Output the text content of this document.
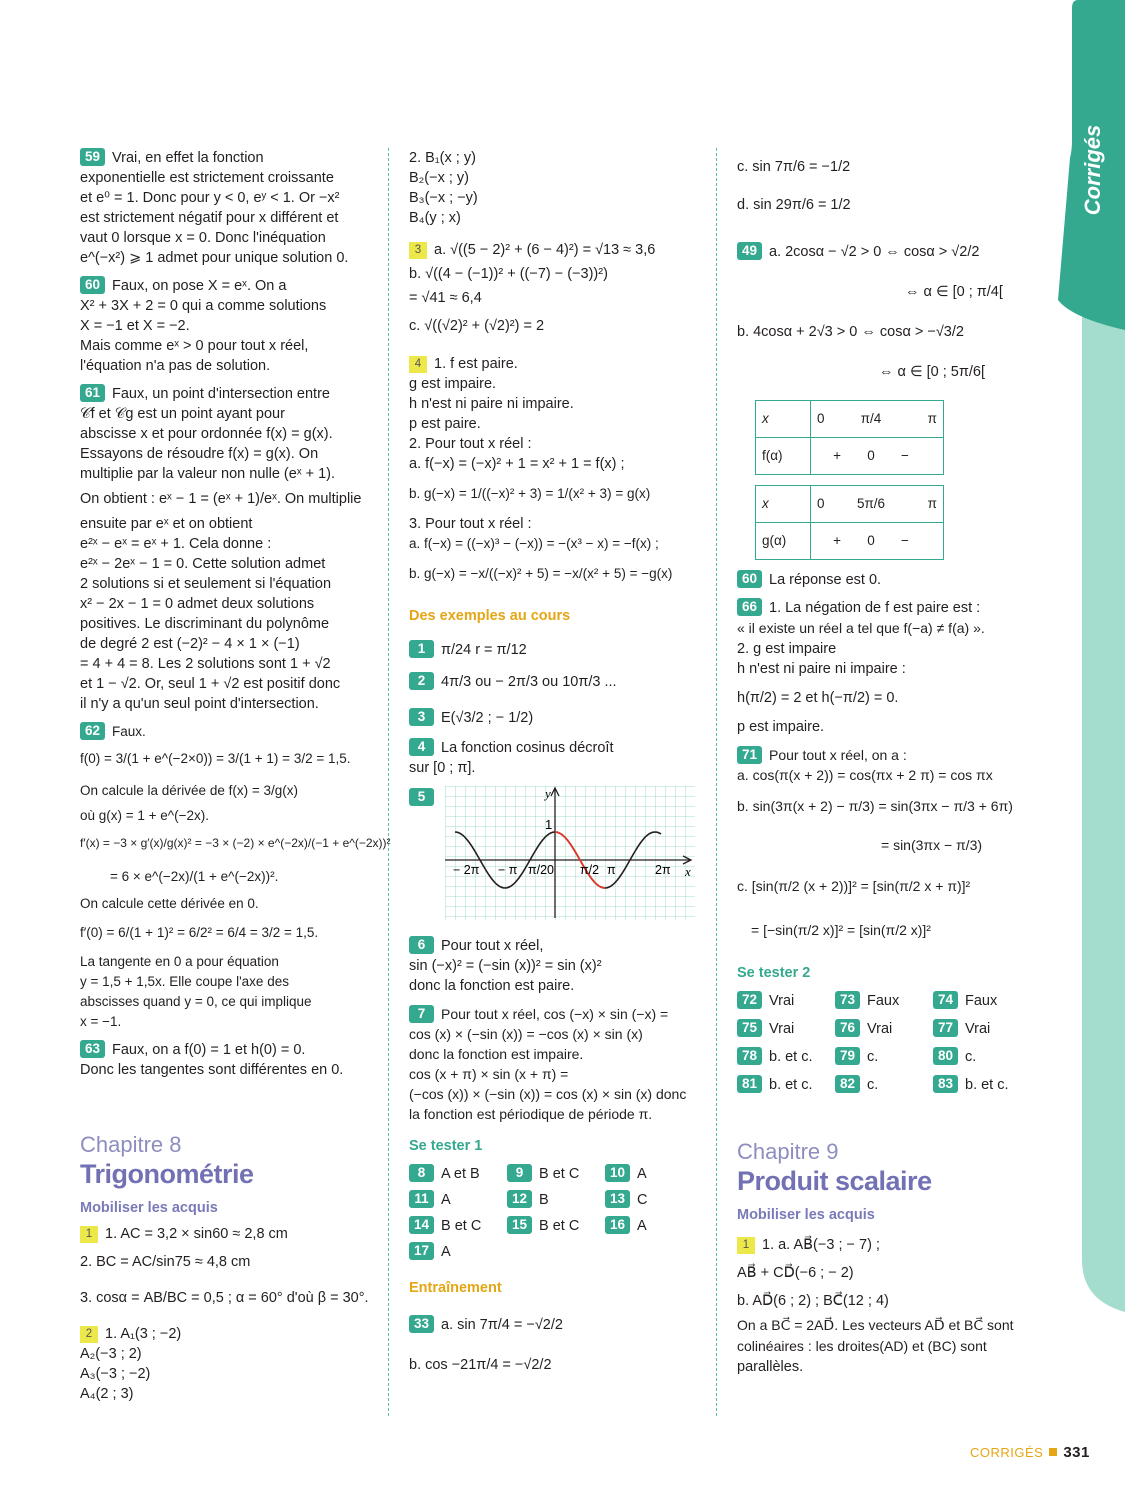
Corrigés
59 Vrai, en effet la fonction
exponentielle est strictement croissante
et e⁰ = 1. Donc pour y < 0, eʸ < 1. Or −x²
est strictement négatif pour x différent et
vaut 0 lorsque x = 0. Donc l'inéquation
e^(−x²) ⩾ 1 admet pour unique solution 0.
60 Faux, on pose X = eˣ. On a
X² + 3X + 2 = 0 qui a comme solutions
X = −1 et X = −2.
Mais comme eˣ > 0 pour tout x réel,
l'équation n'a pas de solution.
61 Faux, un point d'intersection entre
𝒞f et 𝒞g est un point ayant pour
abscisse x et pour ordonnée f(x) = g(x).
Essayons de résoudre f(x) = g(x). On
multiplie par la valeur non nulle (eˣ + 1).
On obtient : eˣ − 1 = (eˣ + 1)/eˣ. On multiplie
ensuite par eˣ et on obtient
e²ˣ − eˣ = eˣ + 1. Cela donne :
e²ˣ − 2eˣ − 1 = 0. Cette solution admet
2 solutions si et seulement si l'équation
x² − 2x − 1 = 0 admet deux solutions
positives. Le discriminant du polynôme
de degré 2 est (−2)² − 4 × 1 × (−1)
= 4 + 4 = 8. Les 2 solutions sont 1 + √2
et 1 − √2. Or, seul 1 + √2 est positif donc
il n'y a qu'un seul point d'intersection.
62 Faux.
f(0) = 3/(1 + e^(−2×0)) = 3/(1 + 1) = 3/2 = 1,5.
On calcule la dérivée de f(x) = 3/g(x)
où g(x) = 1 + e^(−2x).
f′(x) = −3 × g′(x)/g(x)² = −3 × (−2) × e^(−2x)/(−1 + e^(−2x))²
= 6 × e^(−2x)/(1 + e^(−2x))².
On calcule cette dérivée en 0.
f′(0) = 6/(1 + 1)² = 6/2² = 6/4 = 3/2 = 1,5.
La tangente en 0 a pour équation
y = 1,5 + 1,5x. Elle coupe l'axe des
abscisses quand y = 0, ce qui implique
x = −1.
63 Faux, on a f(0) = 1 et h(0) = 0.
Donc les tangentes sont différentes en 0.
Chapitre 8
Trigonométrie
Mobiliser les acquis
1 1. AC = 3,2 × sin60 ≈ 2,8 cm
2. BC = AC/sin75 ≈ 4,8 cm
3. cosα = AB/BC = 0,5 ; α = 60° d'où β = 30°.
2 1. A₁(3 ; −2)
A₂(−3 ; 2)
A₃(−3 ; −2)
A₄(2 ; 3)
2. B₁(x ; y)
B₂(−x ; y)
B₃(−x ; −y)
B₄(y ; x)
3 a. √((5 − 2)² + (6 − 4)²) = √13 ≈ 3,6
b. √((4 − (−1))² + ((−7) − (−3))²)
= √41 ≈ 6,4
c. √((√2)² + (√2)²) = 2
4 1. f est paire.
g est impaire.
h n'est ni paire ni impaire.
p est paire.
2. Pour tout x réel :
a. f(−x) = (−x)² + 1 = x² + 1 = f(x) ;
b. g(−x) = 1/((−x)² + 3) = 1/(x² + 3) = g(x)
3. Pour tout x réel :
a. f(−x) = ((−x)³ − (−x)) = −(x³ − x) = −f(x) ;
b. g(−x) = −x/((−x)² + 5) = −x/(x² + 5) = −g(x)
Des exemples au cours
1 π/24 r = π/12
2 4π/3 ou − 2π/3 ou 10π/3 ...
3 E(√3/2 ; − 1/2)
4 La fonction cosinus décroît
sur [0 ; π].
5	y
x
1
− 2π − π π/2 0 π/2 π	2π
6 Pour tout x réel,
sin (−x)² = (−sin (x))² = sin (x)²
donc la fonction est paire.
7 Pour tout x réel, cos (−x) × sin (−x) =
cos (x) × (−sin (x)) = −cos (x) × sin (x)
donc la fonction est impaire.
cos (x + π) × sin (x + π) =
(−cos (x)) × (−sin (x)) = cos (x) × sin (x) donc
la fonction est périodique de période π.
Se tester 1
8 A et B	9 B et C	10 A
11 A	12 B	13 C
14 B et C	15 B et C	16 A
17 A
Entraînement
33 a. sin 7π/4 = −√2/2
b. cos −21π/4 = −√2/2
c. sin 7π/6 = −1/2
d. sin 29π/6 = 1/2
49 a. 2cosα − √2 > 0 ⇔ cosα > √2/2
⇔ α ∈ [0 ; π/4[
b. 4cosα + 2√3 > 0 ⇔ cosα > −√3/2
⇔ α ∈ [0 ; 5π/6[
x	0	π/4	π
f(α)	+	0	−
x	0	5π/6	π
g(α)	+	0	−
60 La réponse est 0.
66 1. La négation de f est paire est :
« il existe un réel a tel que f(−a) ≠ f(a) ».
2. g est impaire
h n'est ni paire ni impaire :
h(π/2) = 2 et h(−π/2) = 0.
p est impaire.
71 Pour tout x réel, on a :
a. cos(π(x + 2)) = cos(πx + 2 π) = cos πx
b. sin(3π(x + 2) − π/3) = sin(3πx − π/3 + 6π)
= sin(3πx − π/3)
c. [sin(π/2 (x + 2))]² = [sin(π/2 x + π)]²
= [−sin(π/2 x)]² = [sin(π/2 x)]²
Se tester 2
72 Vrai	73 Faux	74 Faux
75 Vrai	76 Vrai	77 Vrai
78 b. et c.	79 c.	80 c.
81 b. et c.	82 c.	83 b. et c.
Chapitre 9
Produit scalaire
Mobiliser les acquis
1 1. a. AB⃗(−3 ; − 7) ;
AB⃗ + CD⃗(−6 ; − 2)
b. AD⃗(6 ; 2) ; BC⃗(12 ; 4)
On a BC⃗ = 2AD⃗. Les vecteurs AD⃗ et BC⃗ sont
colinéaires : les droites(AD) et (BC) sont
parallèles.
CORRIGÉS 331
